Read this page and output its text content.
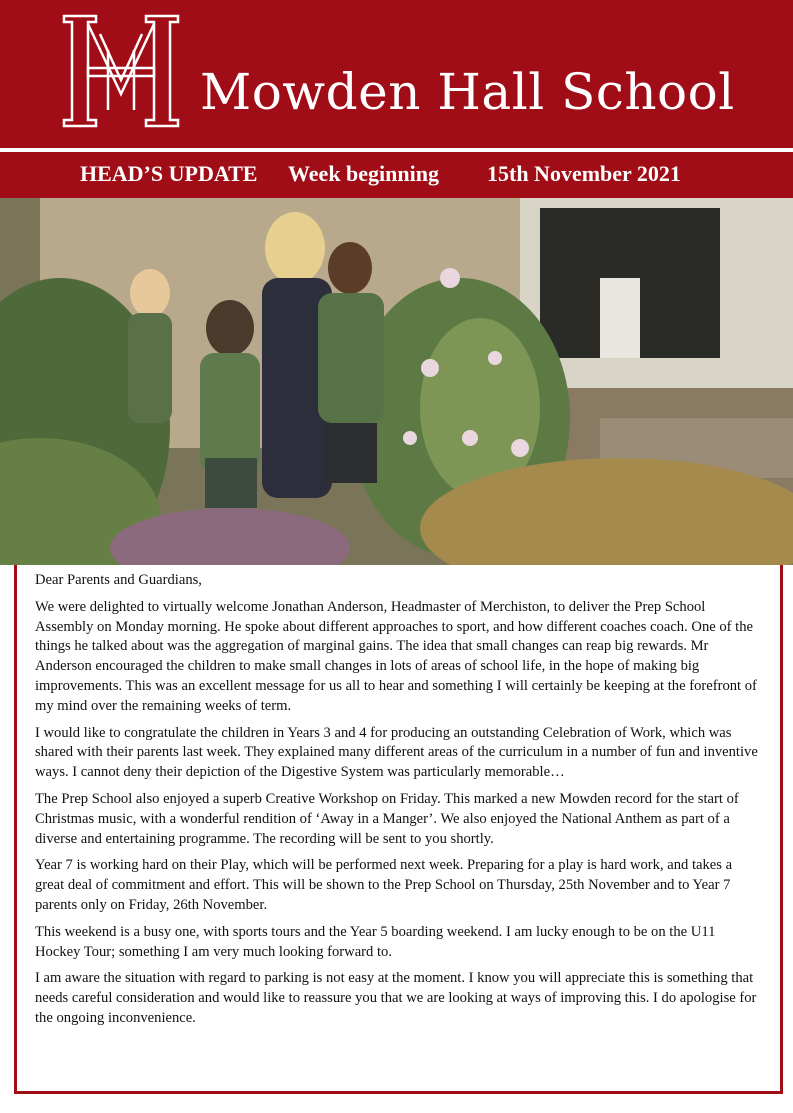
Mowden Hall School
HEAD’S UPDATE Week beginning 15th November 2021

Dear Parents and Guardians,

We were delighted to virtually welcome Jonathan Anderson, Headmaster of Merchiston, to deliver the Prep School Assembly on Monday morning. He spoke about different approaches to sport, and how different coaches coach. One of the things he talked about was the aggregation of marginal gains. The idea that small changes can reap big rewards. Mr Anderson encouraged the children to make small changes in lots of areas of school life, in the hope of making big improvements. This was an excellent message for us all to hear and something I will certainly be keeping at the forefront of my mind over the remaining weeks of term.

I would like to congratulate the children in Years 3 and 4 for producing an outstanding Celebration of Work, which was shared with their parents last week. They explained many different areas of the curriculum in a number of fun and inventive ways. I cannot deny their depiction of the Digestive System was particularly memorable…

The Prep School also enjoyed a superb Creative Workshop on Friday. This marked a new Mowden record for the start of Christmas music, with a wonderful rendition of ‘Away in a Manger’. We also enjoyed the National Anthem as part of a diverse and entertaining programme. The recording will be sent to you shortly.

Year 7 is working hard on their Play, which will be performed next week. Preparing for a play is hard work, and takes a great deal of commitment and effort. This will be shown to the Prep School on Thursday, 25th November and to Year 7 parents only on Friday, 26th November.

This weekend is a busy one, with sports tours and the Year 5 boarding weekend. I am lucky enough to be on the U11 Hockey Tour; something I am very much looking forward to.

I am aware the situation with regard to parking is not easy at the moment. I know you will appreciate this is something that needs careful consideration and would like to reassure you that we are looking at ways of improving this. I do apologise for the ongoing inconvenience.
